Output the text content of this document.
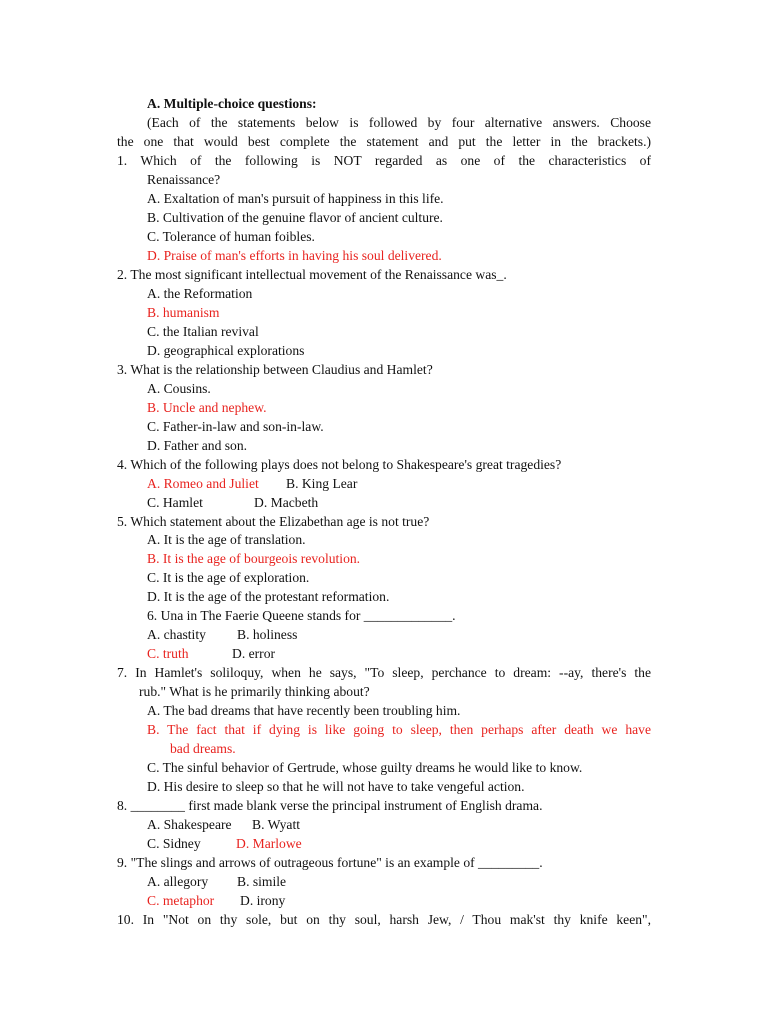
A. Multiple-choice questions:
(Each of the statements below is followed by four alternative answers. Choose
the one that would best complete the statement and put the letter in the brackets.)
1. Which of the following is NOT regarded as one of the characteristics of
Renaissance?
A. Exaltation of man's pursuit of happiness in this life.
B. Cultivation of the genuine flavor of ancient culture.
C. Tolerance of human foibles.
D. Praise of man's efforts in having his soul delivered.
2. The most significant intellectual movement of the Renaissance was_.
A. the Reformation
B. humanism
C. the Italian revival
D. geographical explorations
3. What is the relationship between Claudius and Hamlet?
A. Cousins.
B. Uncle and nephew.
C. Father-in-law and son-in-law.
D. Father and son.
4. Which of the following plays does not belong to Shakespeare's great tragedies?
A. Romeo and Juliet B. King Lear
C. Hamlet	D. Macbeth
5. Which statement about the Elizabethan age is not true?
A. It is the age of translation.
B. It is the age of bourgeois revolution.
C. It is the age of exploration.
D. It is the age of the protestant reformation.
6. Una in The Faerie Queene stands for _____________.
A. chastity B. holiness
C. truth	D. error
7. In Hamlet's soliloquy, when he says, "To sleep, perchance to dream: --ay, there's the
rub." What is he primarily thinking about?
A. The bad dreams that have recently been troubling him.
B. The fact that if dying is like going to sleep, then perhaps after death we have
bad dreams.
C. The sinful behavior of Gertrude, whose guilty dreams he would like to know.
D. His desire to sleep so that he will not have to take vengeful action.
8. ________ first made blank verse the principal instrument of English drama.
A. Shakespeare B. Wyatt
C. Sidney	D. Marlowe
9. "The slings and arrows of outrageous fortune" is an example of _________.
A. allegory B. simile
C. metaphor D. irony
10. In "Not on thy sole, but on thy soul, harsh Jew, / Thou mak'st thy knife keen",
